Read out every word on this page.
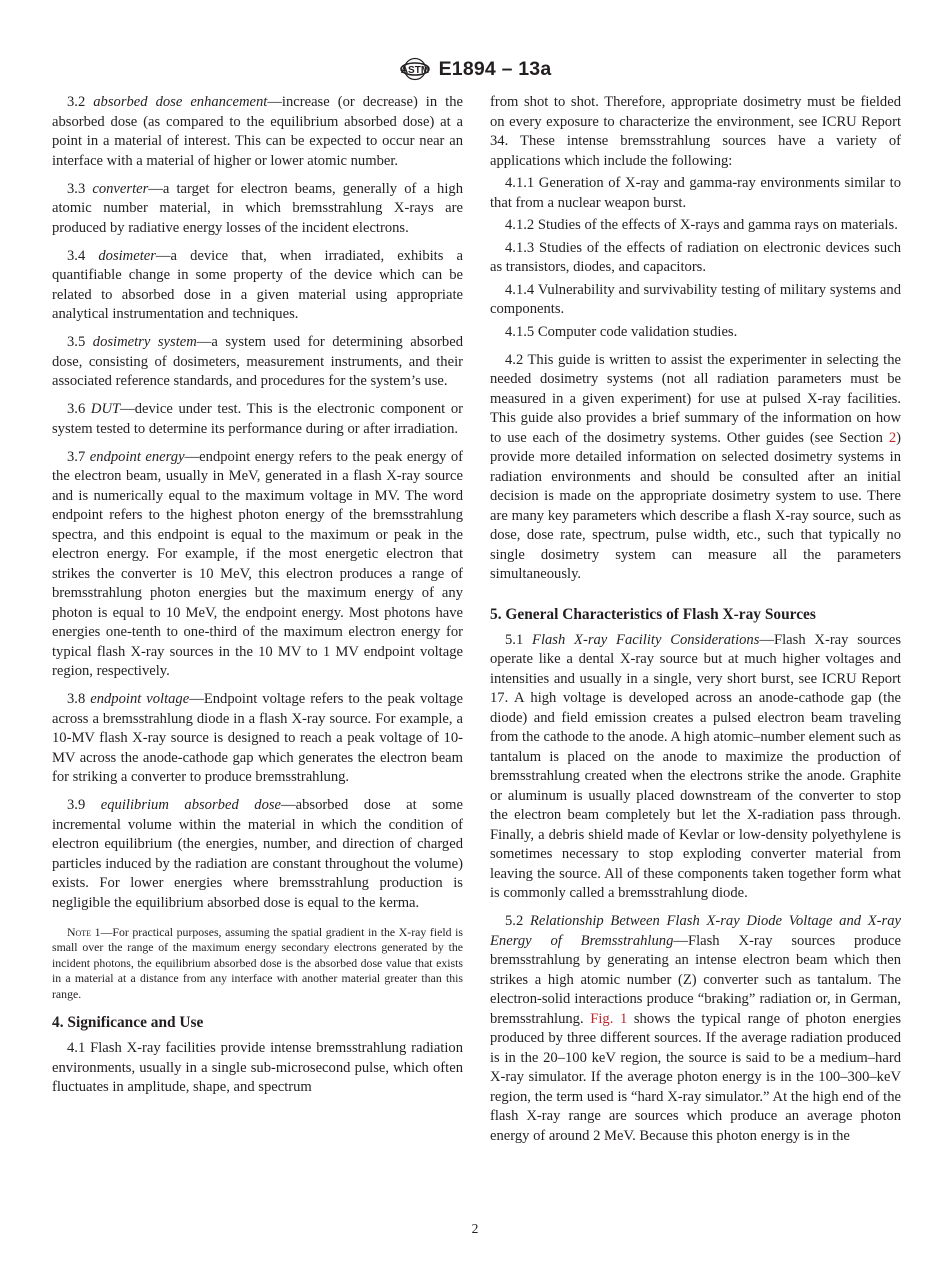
ASTM E1894 – 13a

3.2 absorbed dose enhancement—increase (or decrease) in the absorbed dose (as compared to the equilibrium absorbed dose) at a point in a material of interest. This can be expected to occur near an interface with a material of higher or lower atomic number.

3.3 converter—a target for electron beams, generally of a high atomic number material, in which bremsstrahlung X-rays are produced by radiative energy losses of the incident electrons.

3.4 dosimeter—a device that, when irradiated, exhibits a quantifiable change in some property of the device which can be related to absorbed dose in a given material using appropriate analytical instrumentation and techniques.

3.5 dosimetry system—a system used for determining absorbed dose, consisting of dosimeters, measurement instruments, and their associated reference standards, and procedures for the system’s use.

3.6 DUT—device under test. This is the electronic component or system tested to determine its performance during or after irradiation.

3.7 endpoint energy—endpoint energy refers to the peak energy of the electron beam, usually in MeV, generated in a flash X-ray source and is numerically equal to the maximum voltage in MV. The word endpoint refers to the highest photon energy of the bremsstrahlung spectra, and this endpoint is equal to the maximum or peak in the electron energy. For example, if the most energetic electron that strikes the converter is 10 MeV, this electron produces a range of bremsstrahlung photon energies but the maximum energy of any photon is equal to 10 MeV, the endpoint energy. Most photons have energies one-tenth to one-third of the maximum electron energy for typical flash X-ray sources in the 10 MV to 1 MV endpoint voltage region, respectively.

3.8 endpoint voltage—Endpoint voltage refers to the peak voltage across a bremsstrahlung diode in a flash X-ray source. For example, a 10-MV flash X-ray source is designed to reach a peak voltage of 10-MV across the anode-cathode gap which generates the electron beam for striking a converter to produce bremsstrahlung.

3.9 equilibrium absorbed dose—absorbed dose at some incremental volume within the material in which the condition of electron equilibrium (the energies, number, and direction of charged particles induced by the radiation are constant throughout the volume) exists. For lower energies where bremsstrahlung production is negligible the equilibrium absorbed dose is equal to the kerma.

Note 1—For practical purposes, assuming the spatial gradient in the X-ray field is small over the range of the maximum energy secondary electrons generated by the incident photons, the equilibrium absorbed dose is the absorbed dose value that exists in a material at a distance from any interface with another material greater than this range.
4. Significance and Use

4.1 Flash X-ray facilities provide intense bremsstrahlung radiation environments, usually in a single sub-microsecond pulse, which often fluctuates in amplitude, shape, and spectrum

from shot to shot. Therefore, appropriate dosimetry must be fielded on every exposure to characterize the environment, see ICRU Report 34. These intense bremsstrahlung sources have a variety of applications which include the following:

4.1.1 Generation of X-ray and gamma-ray environments similar to that from a nuclear weapon burst.

4.1.2 Studies of the effects of X-rays and gamma rays on materials.

4.1.3 Studies of the effects of radiation on electronic devices such as transistors, diodes, and capacitors.

4.1.4 Vulnerability and survivability testing of military systems and components.

4.1.5 Computer code validation studies.

4.2 This guide is written to assist the experimenter in selecting the needed dosimetry systems (not all radiation parameters must be measured in a given experiment) for use at pulsed X-ray facilities. This guide also provides a brief summary of the information on how to use each of the dosimetry systems. Other guides (see Section 2) provide more detailed information on selected dosimetry systems in radiation environments and should be consulted after an initial decision is made on the appropriate dosimetry system to use. There are many key parameters which describe a flash X-ray source, such as dose, dose rate, spectrum, pulse width, etc., such that typically no single dosimetry system can measure all the parameters simultaneously.

5. General Characteristics of Flash X-ray Sources

5.1 Flash X-ray Facility Considerations—Flash X-ray sources operate like a dental X-ray source but at much higher voltages and intensities and usually in a single, very short burst, see ICRU Report 17. A high voltage is developed across an anode-cathode gap (the diode) and field emission creates a pulsed electron beam traveling from the cathode to the anode. A high atomic–number element such as tantalum is placed on the anode to maximize the production of bremsstrahlung created when the electrons strike the anode. Graphite or aluminum is usually placed downstream of the converter to stop the electron beam completely but let the X-radiation pass through. Finally, a debris shield made of Kevlar or low-density polyethylene is sometimes necessary to stop exploding converter material from leaving the source. All of these components taken together form what is commonly called a bremsstrahlung diode.

5.2 Relationship Between Flash X-ray Diode Voltage and X-ray Energy of Bremsstrahlung—Flash X-ray sources produce bremsstrahlung by generating an intense electron beam which then strikes a high atomic number (Z) converter such as tantalum. The electron-solid interactions produce “braking” radiation or, in German, bremsstrahlung. Fig. 1 shows the typical range of photon energies produced by three different sources. If the average radiation produced is in the 20–100 keV region, the source is said to be a medium–hard X-ray simulator. If the average photon energy is in the 100–300–keV region, the term used is “hard X-ray simulator.” At the high end of the flash X-ray range are sources which produce an average photon energy of around 2 MeV. Because this photon energy is in the

2
